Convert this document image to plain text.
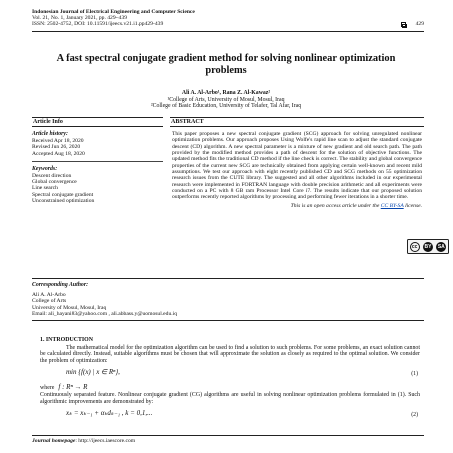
Indonesian Journal of Electrical Engineering and Computer Science
Vol. 21, No. 1, January 2021, pp. 429~439
ISSN: 2502-4752, DOI: 10.11591/ijeecs.v21.i1.pp429-439	429
A fast spectral conjugate gradient method for solving nonlinear optimization problems
Ali A. Al-Arbo¹, Rana Z. Al-Kawaz²
¹College of Arts, University of Mosul, Mosul, Iraq
²College of Basic Education, University of Telafer, Tal Afar, Iraq
Article Info
Article history:
Received Apr 18, 2020
Revised Jun 26, 2020
Accepted Aug 18, 2020
Keywords:
Descent direction
Global convergence
Line search
Spectral conjugate gradient
Unconstrained optimization
ABSTRACT
This paper proposes a new spectral conjugate gradient (SCG) approach for solving unregulated nonlinear optimization problems. Our approach proposes Using Wolfe's rapid line scan to adjust the standard conjugate descent (CD) algorithm. A new spectral parameter is a mixture of new gradient and old search path. The path provided by the modified method provides a path of descent for the solution of objective functions. The updated method fits the traditional CD method if the line check is correct. The stability and global convergence properties of the current new SCG are technically obtained from applying certain well-known and recent mild assumptions. We test our approach with eight recently published CD and SCG methods on 55 optimization research issues from the CUTE library. The suggested and all other algorithms included in our experimental research were implemented in FORTRAN language with double precision arithmetic and all experiments were conducted on a PC with 8 GB ram Processor Intel Core i7. The results indicate that our proposed solution outperforms recently reported algorithms by processing and performing fewer iterations in a shorter time.
This is an open access article under the CC BY-SA license.
cc	BY	SA
Corresponding Author:
Ali A. Al-Arbo
College of Arts
University of Mosul, Mosul, Iraq
Email: ali_hayani83@yahoo.com , ali.abbass.y@uomosul.edu.iq
1. INTRODUCTION

The mathematical model for the optimization algorithm can be used to find a solution to such problems. For some problems, an exact solution cannot be calculated directly. Instead, suitable algorithms must be chosen that will approximate the solution as closely as required to the optimal solution. We consider the problem of optimization:

min {f(x) | x ∈ Rⁿ},	(1)
where f : Rⁿ → R

Continuously separated feature. Nonlinear conjugate gradient (CG) algorithms are useful in solving nonlinear optimization problems formulated in (1). Such algorithmic improvements are demonstrated by:

xₖ = xₖ₋₁ + αₖdₖ₋₁ , k = 0,1,...	(2)
Journal homepage: http://ijeecs.iaescore.com
